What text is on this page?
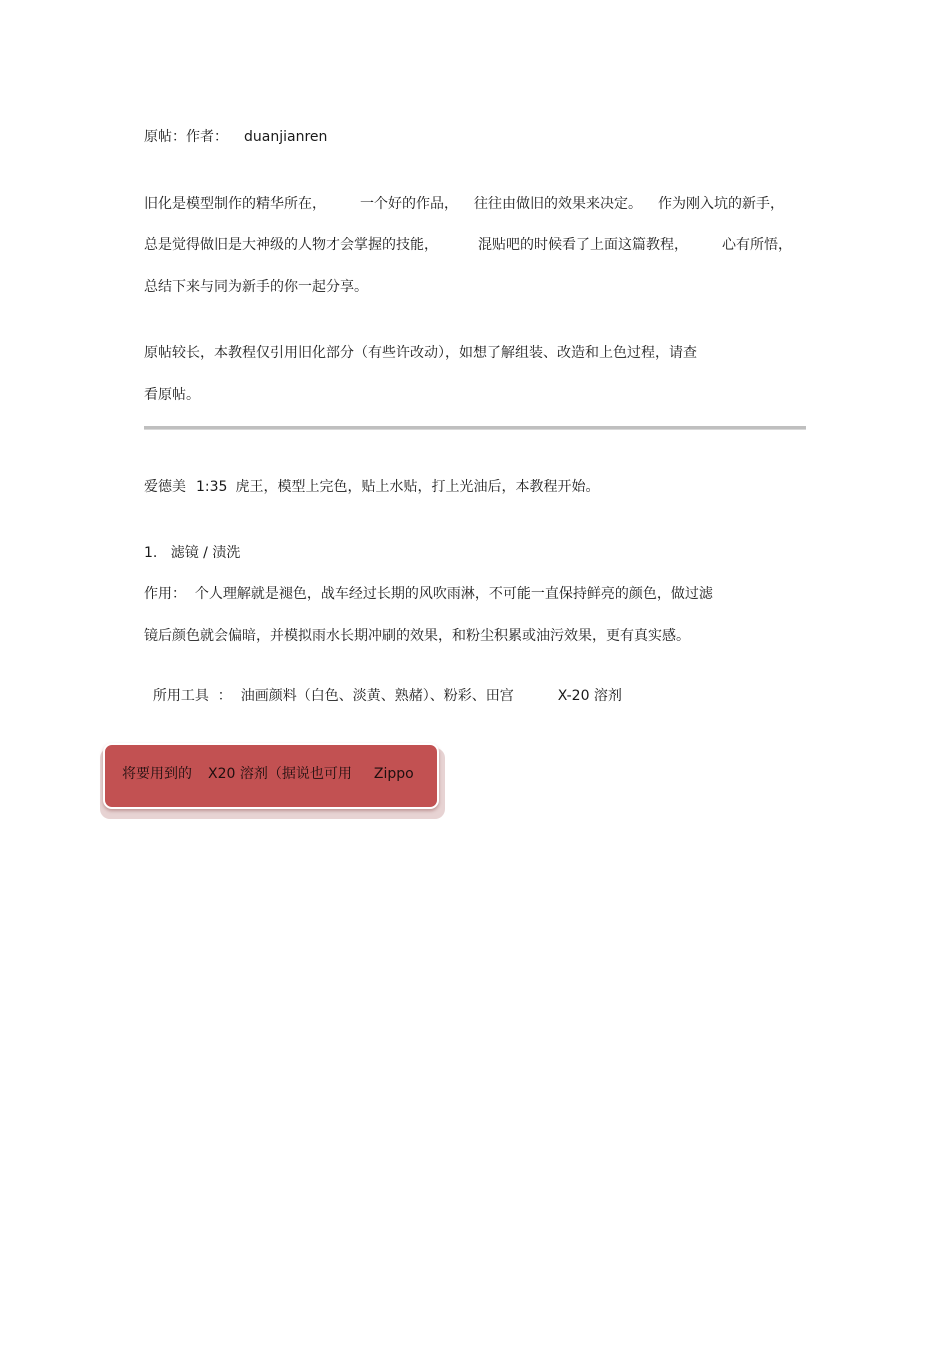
原帖：作者： duanjianren
旧化是模型制作的精华所在， 一个好的作品， 往往由做旧的效果来决定。 作为刚入坑的新手，
总是觉得做旧是大神级的人物才会掌握的技能，	混贴吧的时候看了上面这篇教程， 心有所悟，
总结下来与同为新手的你一起分享。
原帖较长，本教程仅引用旧化部分（有些许改动），如想了解组装、改造和上色过程，请查
看原帖。
爱德美 1:35 虎王，模型上完色，贴上水贴，打上光油后，本教程开始。
1.   滤镜 / 渍洗
作用：  个人理解就是褪色，战车经过长期的风吹雨淋，不可能一直保持鲜亮的颜色，做过滤
镜后颜色就会偏暗，并模拟雨水长期冲刷的效果，和粉尘积累或油污效果，更有真实感。

所用工具  ：  油画颜料（白色、淡黄、熟赭）、粉彩、田宫	X-20 溶剂

将要用到的 X20 溶剂（据说也可用 Zippo
